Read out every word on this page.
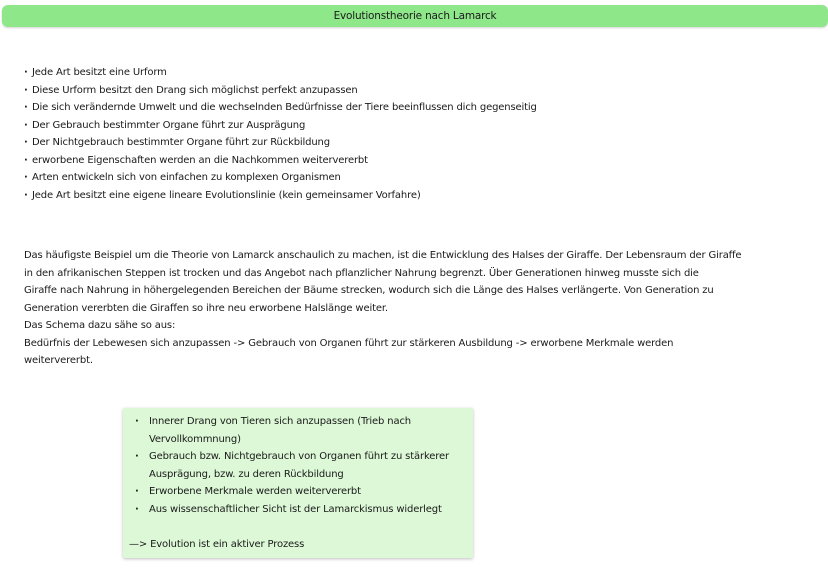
Evolutionstheorie nach Lamarck
· Jede Art besitzt eine Urform
· Diese Urform besitzt den Drang sich möglichst perfekt anzupassen
· Die sich verändernde Umwelt und die wechselnden Bedürfnisse der Tiere beeinflussen dich gegenseitig
· Der Gebrauch bestimmter Organe führt zur Ausprägung
· Der Nichtgebrauch bestimmter Organe führt zur Rückbildung
· erworbene Eigenschaften werden an die Nachkommen weitervererbt
· Arten entwickeln sich von einfachen zu komplexen Organismen
· Jede Art besitzt eine eigene lineare Evolutionslinie (kein gemeinsamer Vorfahre)
Das häufigste Beispiel um die Theorie von Lamarck anschaulich zu machen, ist die Entwicklung des Halses der Giraffe. Der Lebensraum der Giraffe
in den afrikanischen Steppen ist trocken und das Angebot nach pflanzlicher Nahrung begrenzt. Über Generationen hinweg musste sich die
Giraffe nach Nahrung in höhergelegenden Bereichen der Bäume strecken, wodurch sich die Länge des Halses verlängerte. Von Generation zu
Generation vererbten die Giraffen so ihre neu erworbene Halslänge weiter.
Das Schema dazu sähe so aus:
Bedürfnis der Lebewesen sich anzupassen -> Gebrauch von Organen führt zur stärkeren Ausbildung -> erworbene Merkmale werden
weitervererbt.
· Innerer Drang von Tieren sich anzupassen (Trieb nach
Vervollkommnung)
· Gebrauch bzw. Nichtgebrauch von Organen führt zu stärkerer
Ausprägung, bzw. zu deren Rückbildung
· Erworbene Merkmale werden weitervererbt
· Aus wissenschaftlicher Sicht ist der Lamarckismus widerlegt
—> Evolution ist ein aktiver Prozess
